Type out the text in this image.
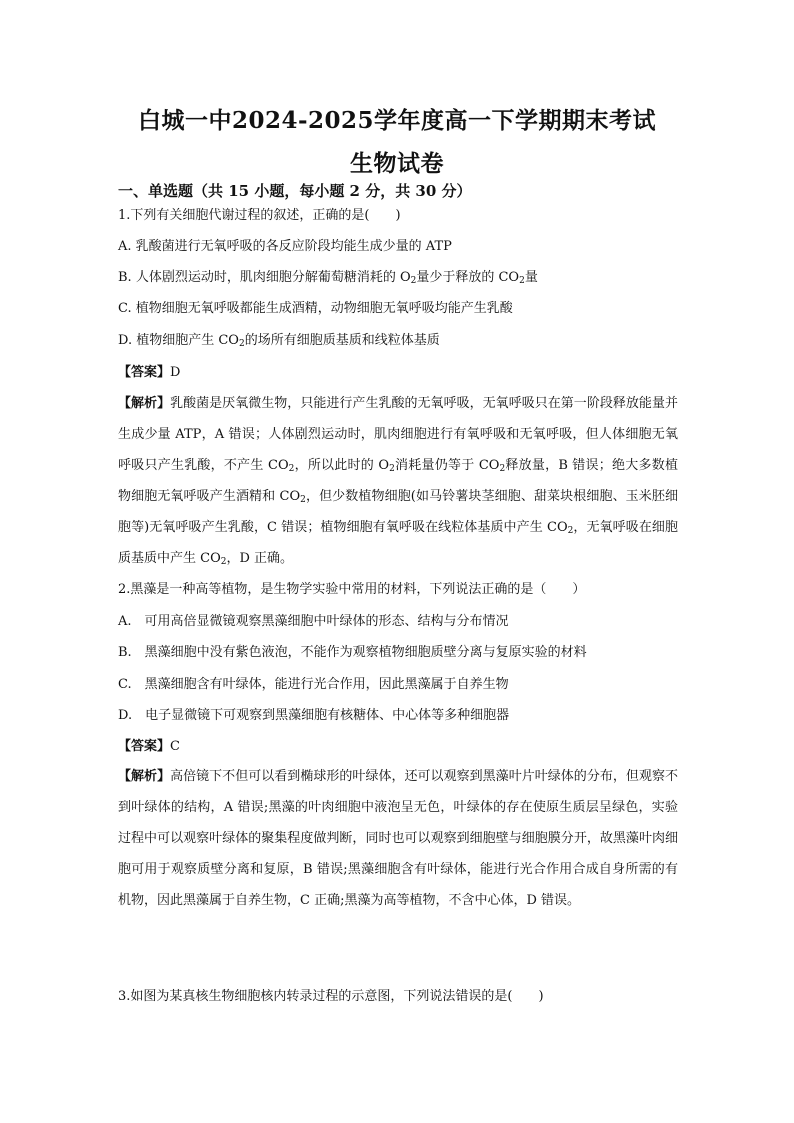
白城一中2024-2025学年度高一下学期期末考试
生物试卷
一、单选题（共 15 小题，每小题 2 分，共 30 分）
1.下列有关细胞代谢过程的叙述，正确的是(　　)
A. 乳酸菌进行无氧呼吸的各反应阶段均能生成少量的 ATP
B. 人体剧烈运动时，肌肉细胞分解葡萄糖消耗的 $O_2$量少于释放的 $CO_2$量
C. 植物细胞无氧呼吸都能生成酒精，动物细胞无氧呼吸均能产生乳酸
D. 植物细胞产生 $CO_2$的场所有细胞质基质和线粒体基质
【答案】D
【解析】乳酸菌是厌氧微生物，只能进行产生乳酸的无氧呼吸，无氧呼吸只在第一阶段释放能量并生成少量 ATP，A 错误；人体剧烈运动时，肌肉细胞进行有氧呼吸和无氧呼吸，但人体细胞无氧呼吸只产生乳酸，不产生 $CO_2$，所以此时的 $O_2$消耗量仍等于 $CO_2$释放量，B 错误；绝大多数植物细胞无氧呼吸产生酒精和 $CO_2$，但少数植物细胞(如马铃薯块茎细胞、甜菜块根细胞、玉米胚细胞等)无氧呼吸产生乳酸，C 错误；植物细胞有氧呼吸在线粒体基质中产生 $CO_2$，无氧呼吸在细胞质基质中产生 $CO_2$，D 正确。
2.黑藻是一种高等植物，是生物学实验中常用的材料，下列说法正确的是（　　）
A.　可用高倍显微镜观察黑藻细胞中叶绿体的形态、结构与分布情况
B.　黑藻细胞中没有紫色液泡，不能作为观察植物细胞质壁分离与复原实验的材料
C.　黑藻细胞含有叶绿体，能进行光合作用，因此黑藻属于自养生物
D.　电子显微镜下可观察到黑藻细胞有核糖体、中心体等多种细胞器
【答案】C
【解析】高倍镜下不但可以看到椭球形的叶绿体，还可以观察到黑藻叶片叶绿体的分布，但观察不到叶绿体的结构，A 错误;黑藻的叶肉细胞中液泡呈无色，叶绿体的存在使原生质层呈绿色，实验过程中可以观察叶绿体的聚集程度做判断，同时也可以观察到细胞壁与细胞膜分开，故黑藻叶肉细胞可用于观察质壁分离和复原，B 错误;黑藻细胞含有叶绿体，能进行光合作用合成自身所需的有机物，因此黑藻属于自养生物，C 正确;黑藻为高等植物，不含中心体，D 错误。
3.如图为某真核生物细胞核内转录过程的示意图，下列说法错误的是(　　)
